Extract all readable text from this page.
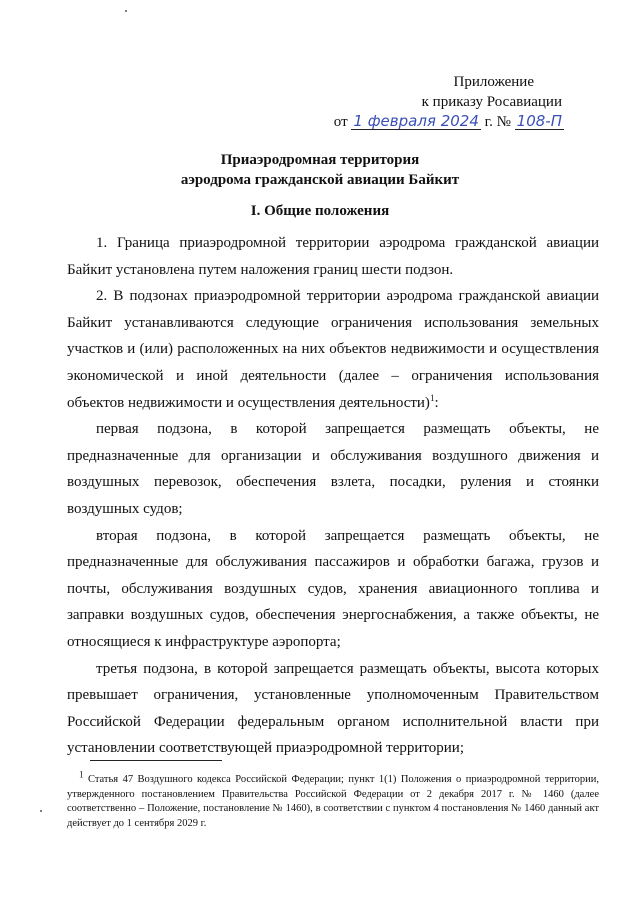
Приложение
к приказу Росавиации
от 1 февраля 2024 г. № 108-П
Приаэродромная территория
аэродрома гражданской авиации Байкит
I. Общие положения

1. Граница приаэродромной территории аэродрома гражданской авиации Байкит установлена путем наложения границ шести подзон.

2. В подзонах приаэродромной территории аэродрома гражданской авиации Байкит устанавливаются следующие ограничения использования земельных участков и (или) расположенных на них объектов недвижимости и осуществления экономической и иной деятельности (далее – ограничения использования объектов недвижимости и осуществления деятельности)$^1$:

первая подзона, в которой запрещается размещать объекты, не предназначенные для организации и обслуживания воздушного движения и воздушных перевозок, обеспечения взлета, посадки, руления и стоянки воздушных судов;

вторая подзона, в которой запрещается размещать объекты, не предназначенные для обслуживания пассажиров и обработки багажа, грузов и почты, обслуживания воздушных судов, хранения авиационного топлива и заправки воздушных судов, обеспечения энергоснабжения, а также объекты, не относящиеся к инфраструктуре аэропорта;

третья подзона, в которой запрещается размещать объекты, высота которых превышает ограничения, установленные уполномоченным Правительством Российской Федерации федеральным органом исполнительной власти при установлении соответствующей приаэродромной территории;

$^1$ Статья 47 Воздушного кодекса Российской Федерации; пункт 1(1) Положения о приаэродромной территории, утвержденного постановлением Правительства Российской Федерации от 2 декабря 2017 г. № 1460 (далее соответственно – Положение, постановление № 1460), в соответствии с пунктом 4 постановления № 1460 данный акт действует до 1 сентября 2029 г.
